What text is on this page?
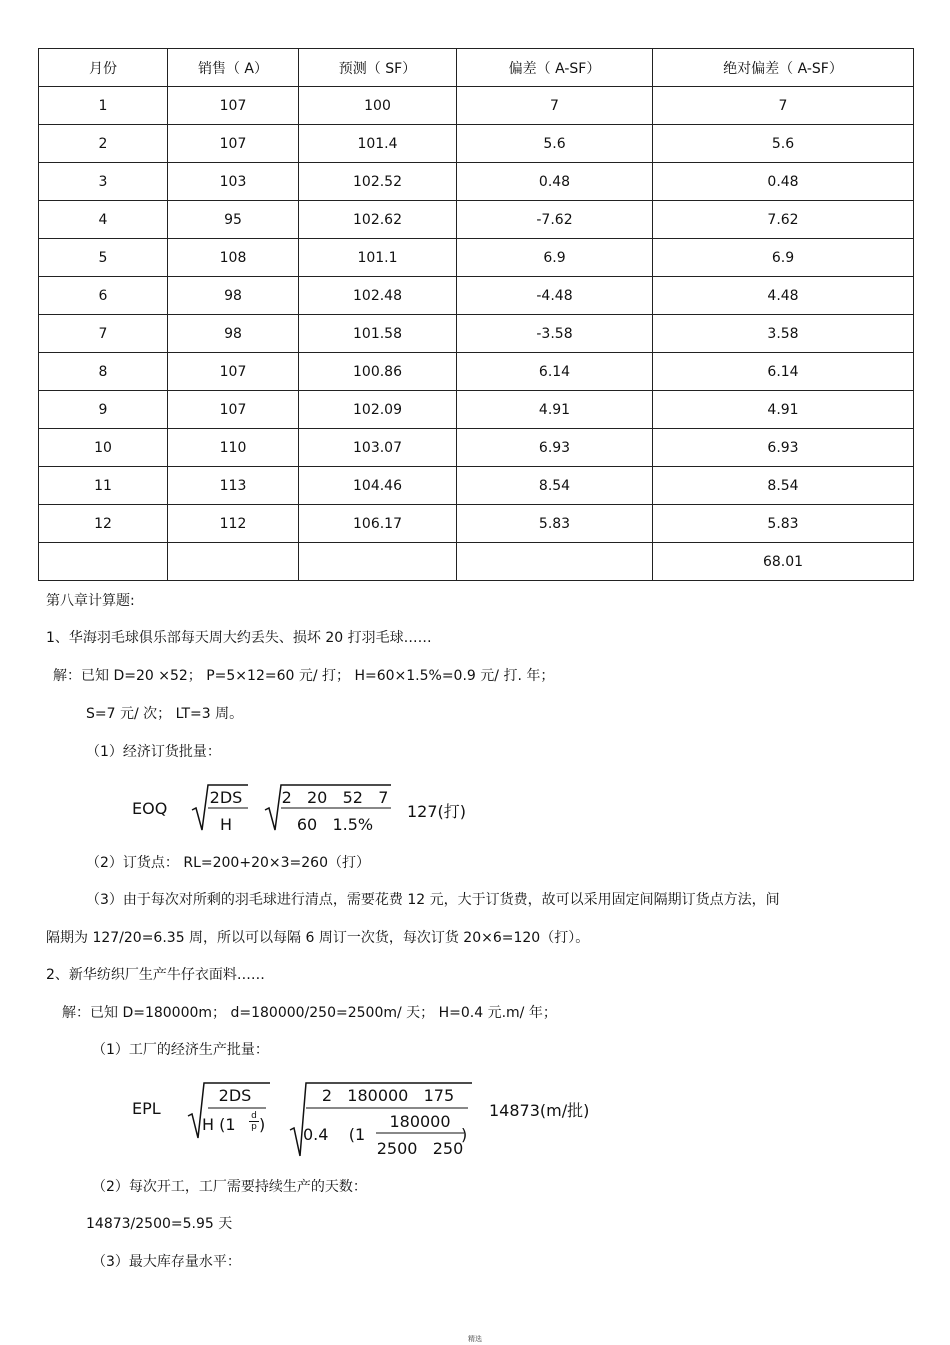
月份	销售（ A）	预测（ SF）	偏差（ A-SF）	绝对偏差（ A-SF）
1	107	100	7	7
2	107	101.4	5.6	5.6
3	103	102.52	0.48	0.48
4	95	102.62	-7.62	7.62
5	108	101.1	6.9	6.9
6	98	102.48	-4.48	4.48
7	98	101.58	-3.58	3.58
8	107	100.86	6.14	6.14
9	107	102.09	4.91	4.91
10	110	103.07	6.93	6.93
11	113	104.46	8.54	8.54
12	112	106.17	5.83	5.83
				68.01
第八章计算题:
1、华海羽毛球俱乐部每天周大约丢失、损坏 20 打羽毛球……
解：已知 D=20 ×52； P=5×12=60 元/ 打； H=60×1.5%=0.9 元/ 打. 年；
S=7 元/ 次； LT=3 周。
（1）经济订货批量：
EOQ
2DS
H
2   20   52   7
60   1.5%
127(打)
（2）订货点： RL=200+20×3=260（打）
（3）由于每次对所剩的羽毛球进行清点，需要花费 12 元，大于订货费，故可以采用固定间隔期订货点方法，间
隔期为 127/20=6.35 周，所以可以每隔 6 周订一次货，每次订货 20×6=120（打）。
2、新华纺织厂生产牛仔衣面料……
解：已知 D=180000m； d=180000/250=2500m/ 天； H=0.4 元.m/ 年；
（1）工厂的经济生产批量：
EPL
2DS
H (1 d
p )
2   180000   175
0.4    (1
180000
2500   250
)
14873(m/批)
（2）每次开工，工厂需要持续生产的天数：
14873/2500=5.95 天
（3）最大库存量水平：
精选
